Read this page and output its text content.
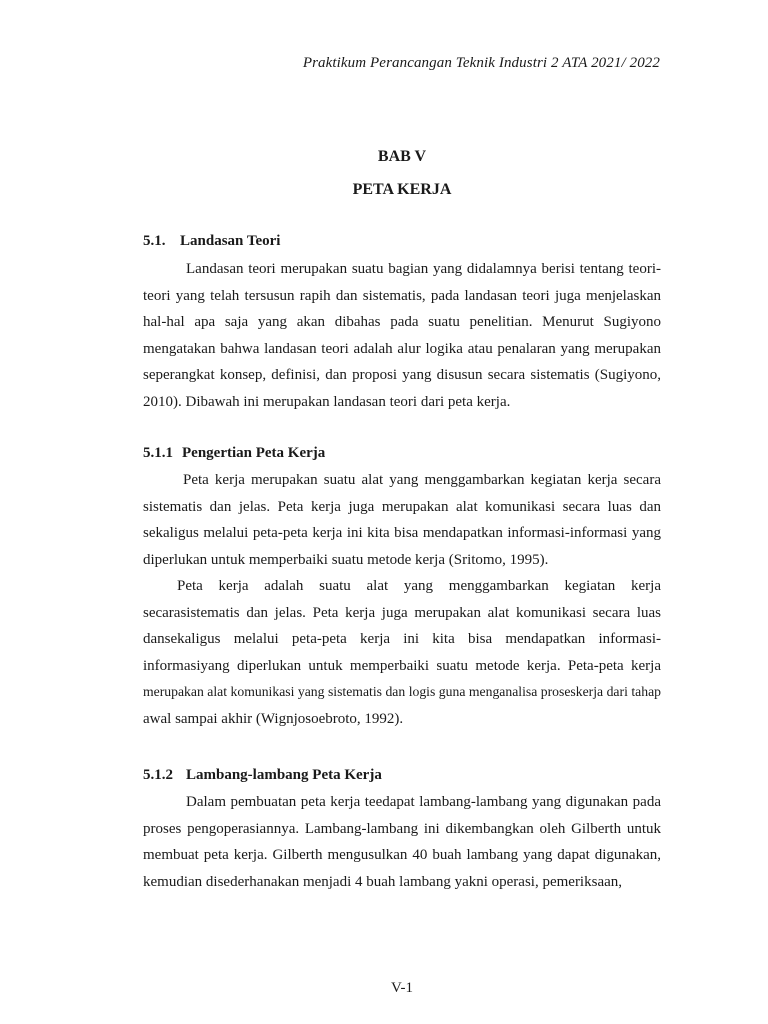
Praktikum Perancangan Teknik Industri 2 ATA 2021/ 2022
BAB V
PETA KERJA
5.1. Landasan Teori

Landasan teori merupakan suatu bagian yang didalamnya berisi tentang teori-teori yang telah tersusun rapih dan sistematis, pada landasan teori juga menjelaskan hal-hal apa saja yang akan dibahas pada suatu penelitian. Menurut Sugiyono mengatakan bahwa landasan teori adalah alur logika atau penalaran yang merupakan seperangkat konsep, definisi, dan proposi yang disusun secara sistematis (Sugiyono, 2010). Dibawah ini merupakan landasan teori dari peta kerja.

5.1.1 Pengertian Peta Kerja

Peta kerja merupakan suatu alat yang menggambarkan kegiatan kerja secara sistematis dan jelas. Peta kerja juga merupakan alat komunikasi secara luas dan sekaligus melalui peta-peta kerja ini kita bisa mendapatkan informasi-informasi yang diperlukan untuk memperbaiki suatu metode kerja (Sritomo, 1995).

Peta kerja adalah suatu alat yang menggambarkan kegiatan kerja secarasistematis dan jelas. Peta kerja juga merupakan alat komunikasi secara luas dansekaligus melalui peta-peta kerja ini kita bisa mendapatkan informasi-informasiyang diperlukan untuk memperbaiki suatu metode kerja. Peta-peta kerja merupakan alat komunikasi yang sistematis dan logis guna menganalisa proseskerja dari tahap awal sampai akhir (Wignjosoebroto, 1992).

5.1.2 Lambang-lambang Peta Kerja

Dalam pembuatan peta kerja teedapat lambang-lambang yang digunakan pada proses pengoperasiannya. Lambang-lambang ini dikembangkan oleh Gilberth untuk membuat peta kerja. Gilberth mengusulkan 40 buah lambang yang dapat digunakan, kemudian disederhanakan menjadi 4 buah lambang yakni operasi, pemeriksaan,

V-1
